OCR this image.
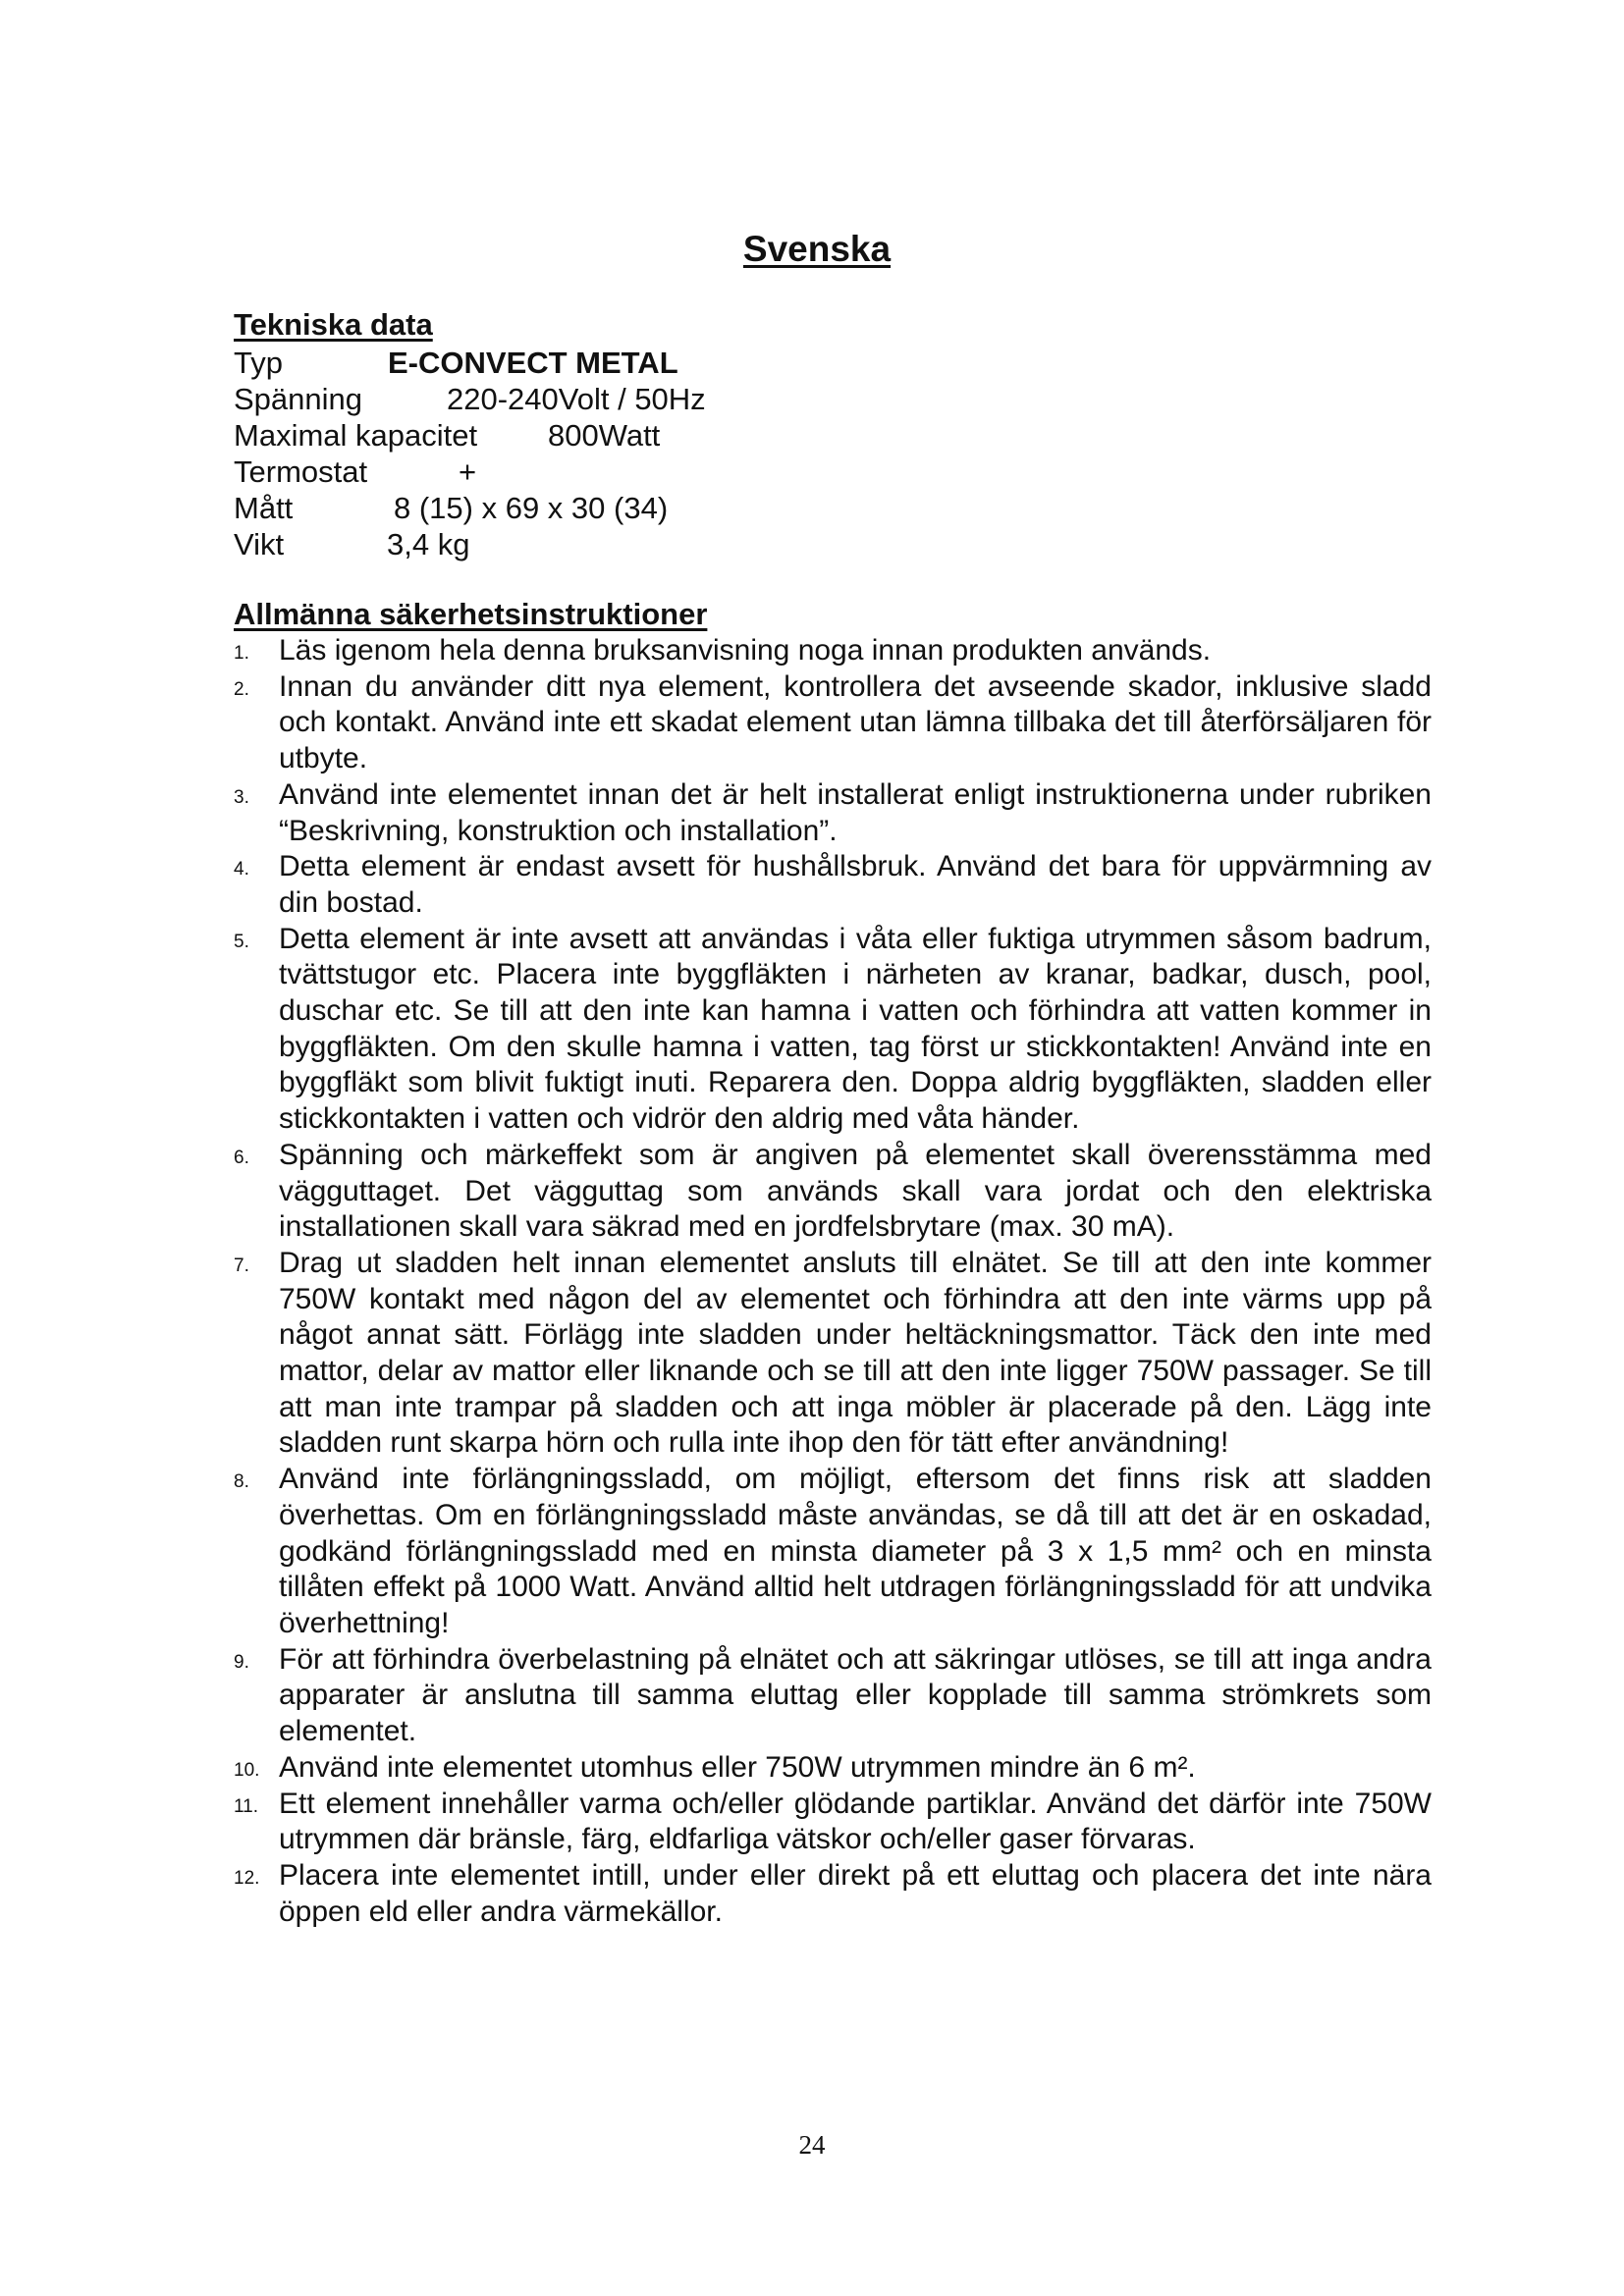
Svenska
Tekniska data
Typ	E-CONVECT METAL
Spänning	220-240Volt / 50Hz
Maximal kapacitet 800Watt
Termostat	+
Mått	8 (15) x 69 x 30 (34)
Vikt	3,4 kg
Allmänna säkerhetsinstruktioner
1. Läs igenom hela denna bruksanvisning noga innan produkten används.
2. Innan du använder ditt nya element, kontrollera det avseende skador, inklusive sladd och kontakt. Använd inte ett skadat element utan lämna tillbaka det till återförsäljaren för utbyte.
3. Använd inte elementet innan det är helt installerat enligt instruktionerna under rubriken “Beskrivning, konstruktion och installation”.
4. Detta element är endast avsett för hushållsbruk. Använd det bara för uppvärmning av din bostad.
5. Detta element är inte avsett att användas i våta eller fuktiga utrymmen såsom badrum, tvättstugor etc. Placera inte byggfläkten i närheten av kranar, badkar, dusch, pool, duschar etc. Se till att den inte kan hamna i vatten och förhindra att vatten kommer in byggfläkten. Om den skulle hamna i vatten, tag först ur stickkontakten! Använd inte en byggfläkt som blivit fuktigt inuti. Reparera den. Doppa aldrig byggfläkten, sladden eller stickkontakten i vatten och vidrör den aldrig med våta händer.
6. Spänning och märkeffekt som är angiven på elementet skall överensstämma med vägguttaget. Det vägguttag som används skall vara jordat och den elektriska installationen skall vara säkrad med en jordfelsbrytare (max. 30 mA).
7. Drag ut sladden helt innan elementet ansluts till elnätet. Se till att den inte kommer 750W kontakt med någon del av elementet och förhindra att den inte värms upp på något annat sätt. Förlägg inte sladden under heltäckningsmattor. Täck den inte med mattor, delar av mattor eller liknande och se till att den inte ligger 750W passager. Se till att man inte trampar på sladden och att inga möbler är placerade på den. Lägg inte sladden runt skarpa hörn och rulla inte ihop den för tätt efter användning!
8. Använd inte förlängningssladd, om möjligt, eftersom det finns risk att sladden överhettas. Om en förlängningssladd måste användas, se då till att det är en oskadad, godkänd förlängningssladd med en minsta diameter på 3 x 1,5 mm² och en minsta tillåten effekt på 1000 Watt. Använd alltid helt utdragen förlängningssladd för att undvika överhettning!
9. För att förhindra överbelastning på elnätet och att säkringar utlöses, se till att inga andra apparater är anslutna till samma eluttag eller kopplade till samma strömkrets som elementet.
10. Använd inte elementet utomhus eller 750W utrymmen mindre än 6 m².
11. Ett element innehåller varma och/eller glödande partiklar. Använd det därför inte 750W utrymmen där bränsle, färg, eldfarliga vätskor och/eller gaser förvaras.
12. Placera inte elementet intill, under eller direkt på ett eluttag och placera det inte nära öppen eld eller andra värmekällor.
24
